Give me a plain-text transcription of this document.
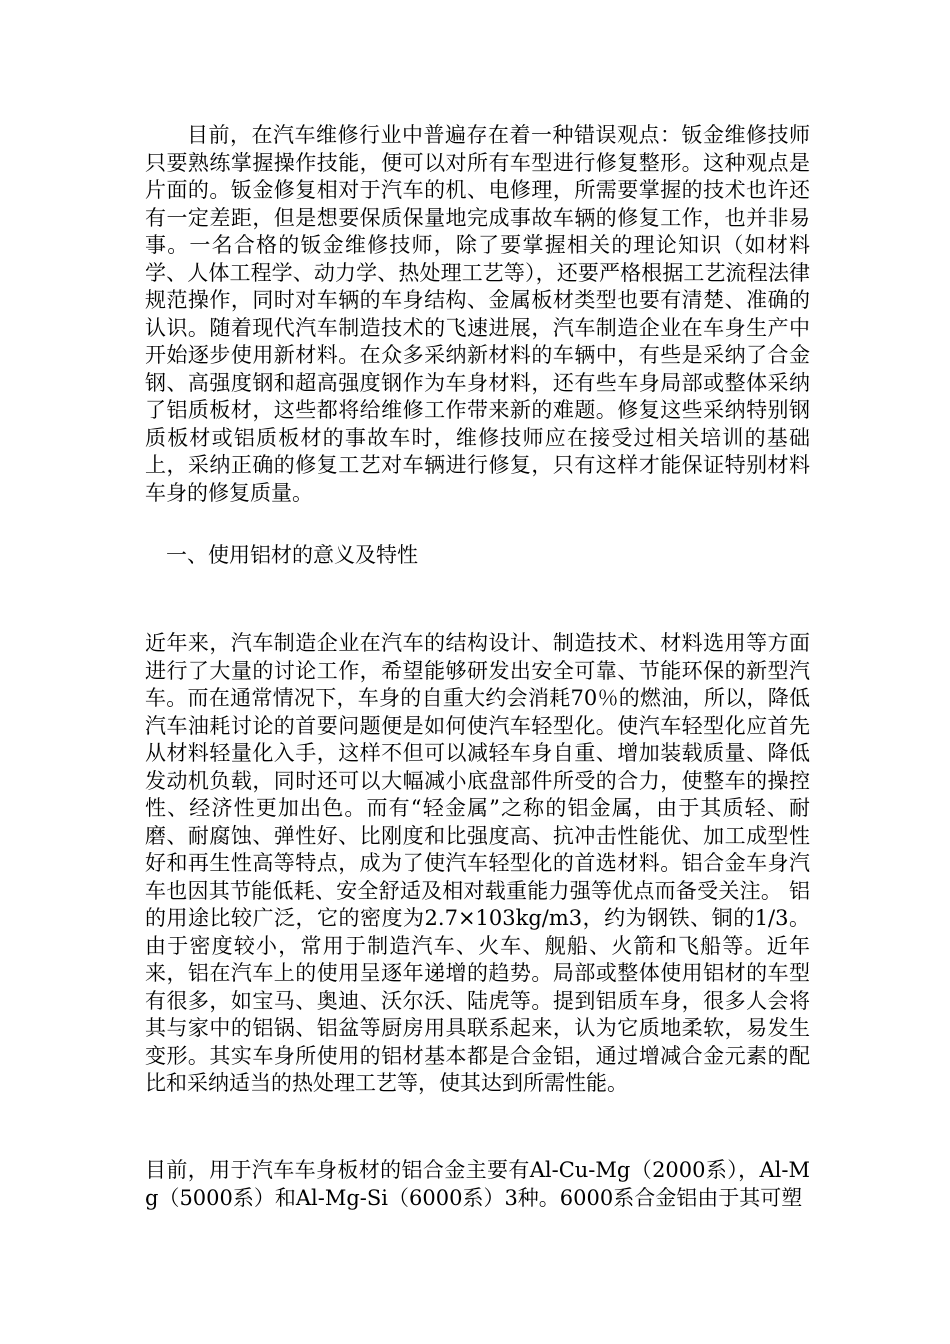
目前，在汽车维修行业中普遍存在着一种错误观点：钣金维修技师只要熟练掌握操作技能，便可以对所有车型进行修复整形。这种观点是片面的。钣金修复相对于汽车的机、电修理，所需要掌握的技术也许还有一定差距，但是想要保质保量地完成事故车辆的修复工作，也并非易事。一名合格的钣金维修技师，除了要掌握相关的理论知识（如材料学、人体工程学、动力学、热处理工艺等），还要严格根据工艺流程法律规范操作，同时对车辆的车身结构、金属板材类型也要有清楚、准确的认识。随着现代汽车制造技术的飞速进展，汽车制造企业在车身生产中开始逐步使用新材料。在众多采纳新材料的车辆中，有些是采纳了合金钢、高强度钢和超高强度钢作为车身材料，还有些车身局部或整体采纳了铝质板材，这些都将给维修工作带来新的难题。修复这些采纳特别钢质板材或铝质板材的事故车时，维修技师应在接受过相关培训的基础上，采纳正确的修复工艺对车辆进行修复，只有这样才能保证特别材料车身的修复质量。

一、使用铝材的意义及特性

近年来，汽车制造企业在汽车的结构设计、制造技术、材料选用等方面进行了大量的讨论工作，希望能够研发出安全可靠、节能环保的新型汽车。而在通常情况下，车身的自重大约会消耗70％的燃油，所以，降低汽车油耗讨论的首要问题便是如何使汽车轻型化。使汽车轻型化应首先从材料轻量化入手，这样不但可以减轻车身自重、增加装载质量、降低发动机负载，同时还可以大幅减小底盘部件所受的合力，使整车的操控性、经济性更加出色。而有“轻金属”之称的铝金属，由于其质轻、耐磨、耐腐蚀、弹性好、比刚度和比强度高、抗冲击性能优、加工成型性好和再生性高等特点，成为了使汽车轻型化的首选材料。铝合金车身汽车也因其节能低耗、安全舒适及相对载重能力强等优点而备受关注。 铝的用途比较广泛，它的密度为2.7×103kg/m3，约为钢铁、铜的1/3。由于密度较小，常用于制造汽车、火车、舰船、火箭和飞船等。近年来，铝在汽车上的使用呈逐年递增的趋势。局部或整体使用铝材的车型有很多，如宝马、奥迪、沃尔沃、陆虎等。提到铝质车身，很多人会将其与家中的铝锅、铝盆等厨房用具联系起来，认为它质地柔软，易发生变形。其实车身所使用的铝材基本都是合金铝，通过增减合金元素的配比和采纳适当的热处理工艺等，使其达到所需性能。

目前，用于汽车车身板材的铝合金主要有Al-Cu-Mg（2000系），Al-Mg（5000系）和Al-Mg-Si（6000系）3种。6000系合金铝由于其可塑
